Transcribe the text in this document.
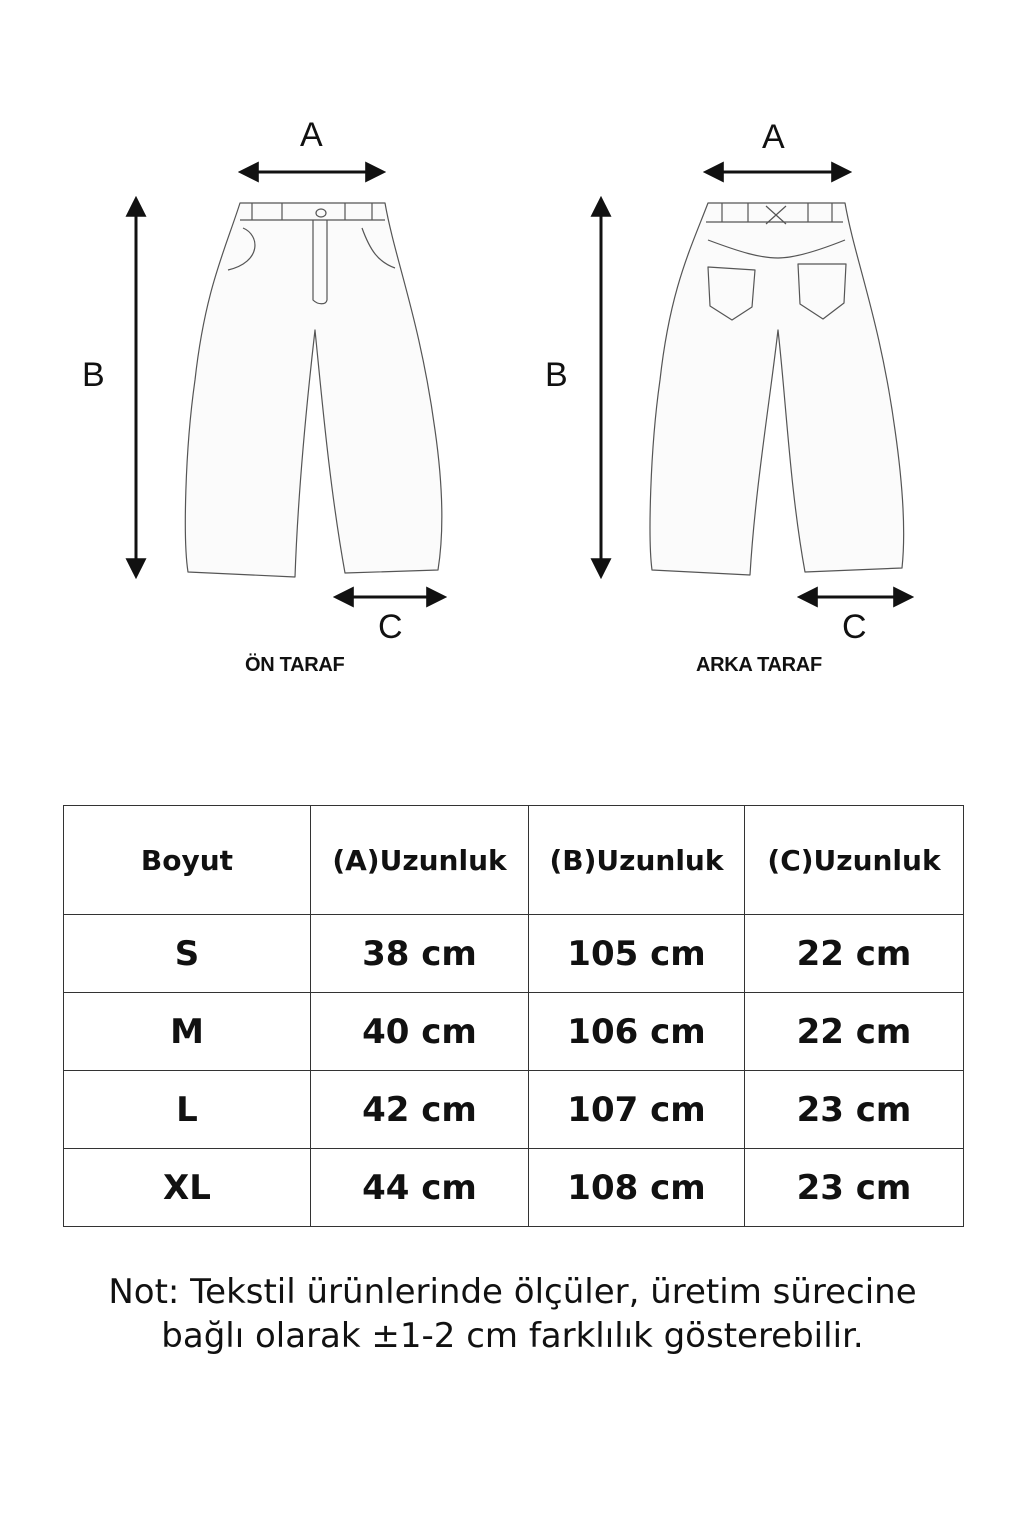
A
B
C
ÖN TARAF
A
B
C
ARKA TARAF
Boyut	(A)Uzunluk	(B)Uzunluk	(C)Uzunluk
S	38 cm	105 cm	22 cm
M	40 cm	106 cm	22 cm
L	42 cm	107 cm	23 cm
XL	44 cm	108 cm	23 cm
Not: Tekstil ürünlerinde ölçüler, üretim sürecine
bağlı olarak ±1-2 cm farklılık gösterebilir.
